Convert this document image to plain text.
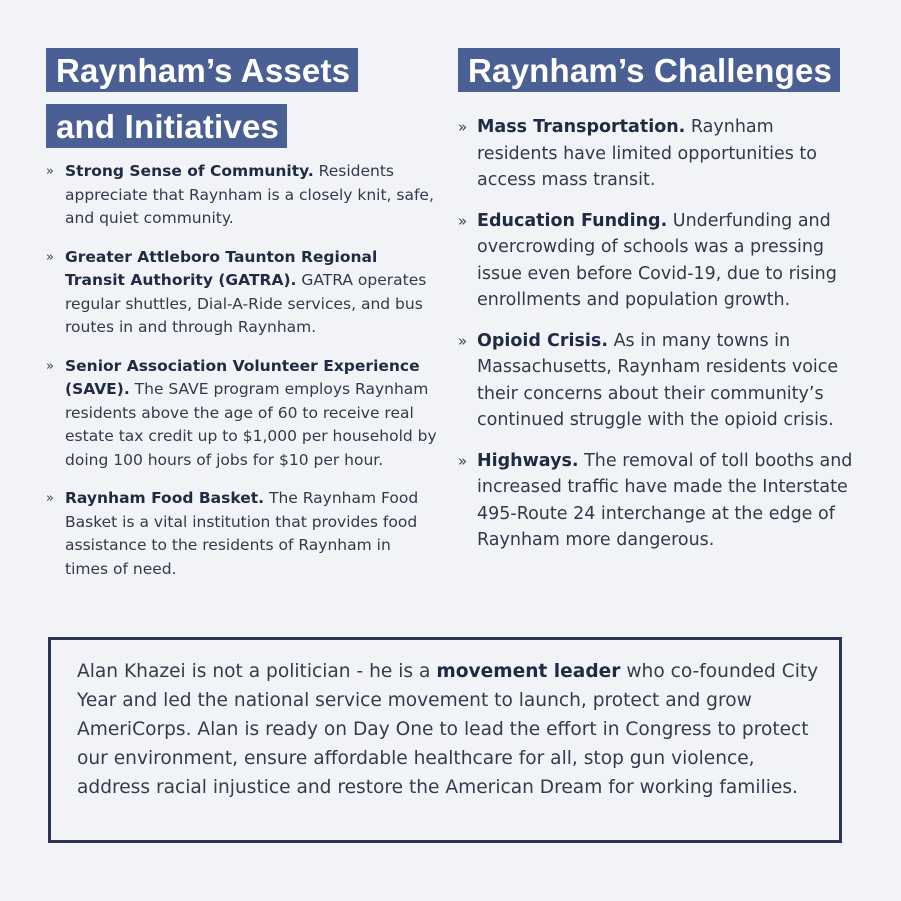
Raynham’s Assets
and Initiatives
» Strong Sense of Community. Residents appreciate that Raynham is a closely knit, safe, and quiet community.
» Greater Attleboro Taunton Regional Transit Authority (GATRA). GATRA operates regular shuttles, Dial-A-Ride services, and bus routes in and through Raynham.
» Senior Association Volunteer Experience (SAVE). The SAVE program employs Raynham residents above the age of 60 to receive real estate tax credit up to $1,000 per household by doing 100 hours of jobs for $10 per hour.
» Raynham Food Basket. The Raynham Food Basket is a vital institution that provides food assistance to the residents of Raynham in times of need.
Raynham’s Challenges
» Mass Transportation. Raynham residents have limited opportunities to access mass transit.
» Education Funding. Underfunding and overcrowding of schools was a pressing issue even before Covid-19, due to rising enrollments and population growth.
» Opioid Crisis. As in many towns in Massachusetts, Raynham residents voice their concerns about their community’s continued struggle with the opioid crisis.
» Highways. The removal of toll booths and increased traffic have made the Interstate 495-Route 24 interchange at the edge of Raynham more dangerous.

Alan Khazei is not a politician - he is a movement leader who co-founded City Year and led the national service movement to launch, protect and grow AmeriCorps. Alan is ready on Day One to lead the effort in Congress to protect our environment, ensure affordable healthcare for all, stop gun violence, address racial injustice and restore the American Dream for working families.
